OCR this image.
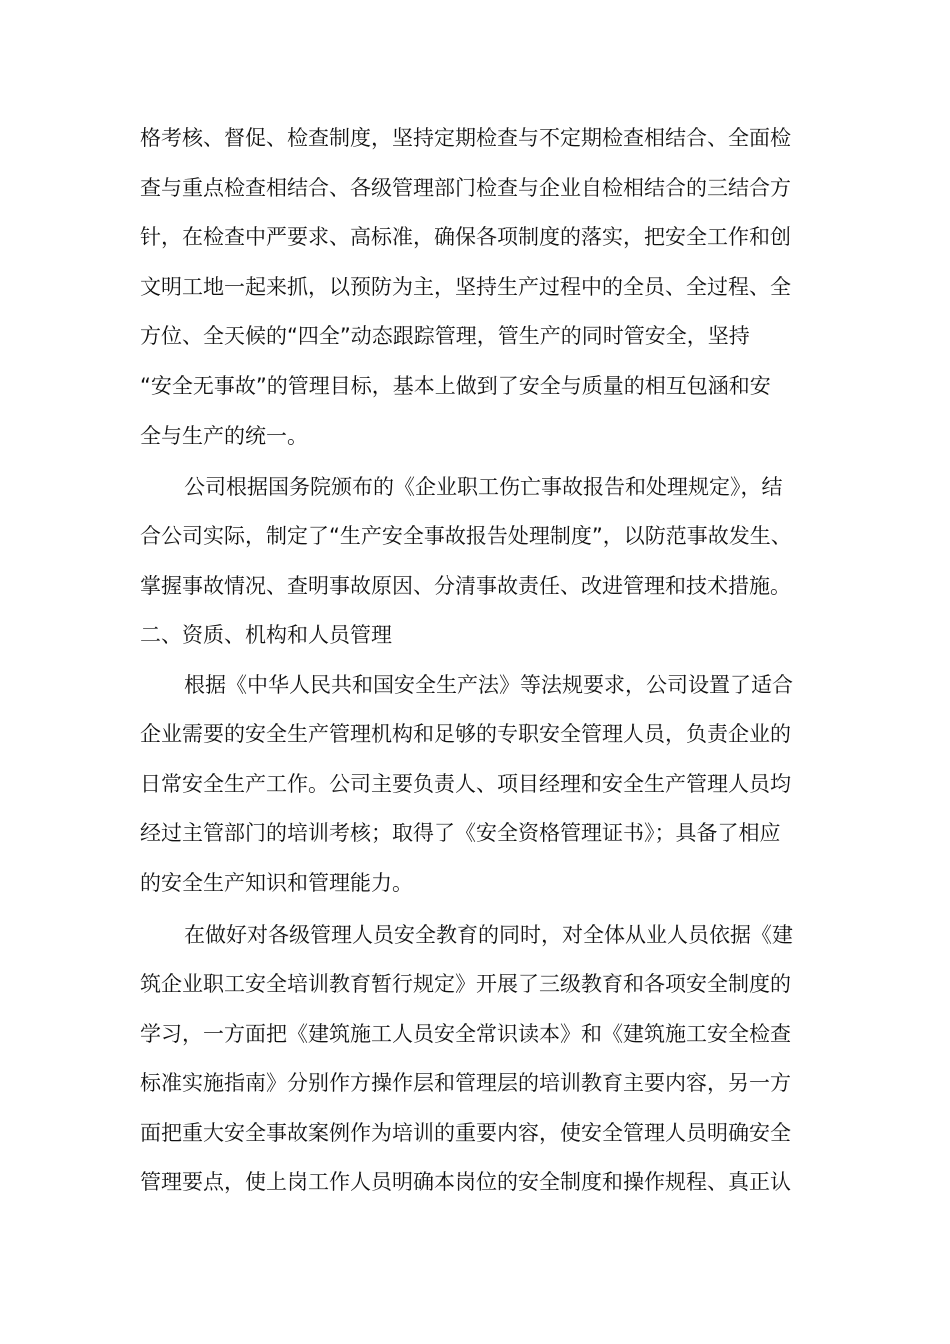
格考核、督促、检查制度，坚持定期检查与不定期检查相结合、全面检

查与重点检查相结合、各级管理部门检查与企业自检相结合的三结合方

针，在检查中严要求、高标准，确保各项制度的落实，把安全工作和创

文明工地一起来抓，以预防为主，坚持生产过程中的全员、全过程、全

方位、全天候的“四全”动态跟踪管理，管生产的同时管安全，坚持

“安全无事故”的管理目标，基本上做到了安全与质量的相互包涵和安

全与生产的统一。

公司根据国务院颁布的《企业职工伤亡事故报告和处理规定》，结

合公司实际，制定了“生产安全事故报告处理制度”，以防范事故发生、

掌握事故情况、查明事故原因、分清事故责任、改进管理和技术措施。

二、资质、机构和人员管理

根据《中华人民共和国安全生产法》等法规要求，公司设置了适合

企业需要的安全生产管理机构和足够的专职安全管理人员，负责企业的

日常安全生产工作。公司主要负责人、项目经理和安全生产管理人员均

经过主管部门的培训考核；取得了《安全资格管理证书》；具备了相应

的安全生产知识和管理能力。

在做好对各级管理人员安全教育的同时，对全体从业人员依据《建

筑企业职工安全培训教育暂行规定》开展了三级教育和各项安全制度的

学习，一方面把《建筑施工人员安全常识读本》和《建筑施工安全检查

标准实施指南》分别作方操作层和管理层的培训教育主要内容，另一方

面把重大安全事故案例作为培训的重要内容，使安全管理人员明确安全

管理要点，使上岗工作人员明确本岗位的安全制度和操作规程、真正认
